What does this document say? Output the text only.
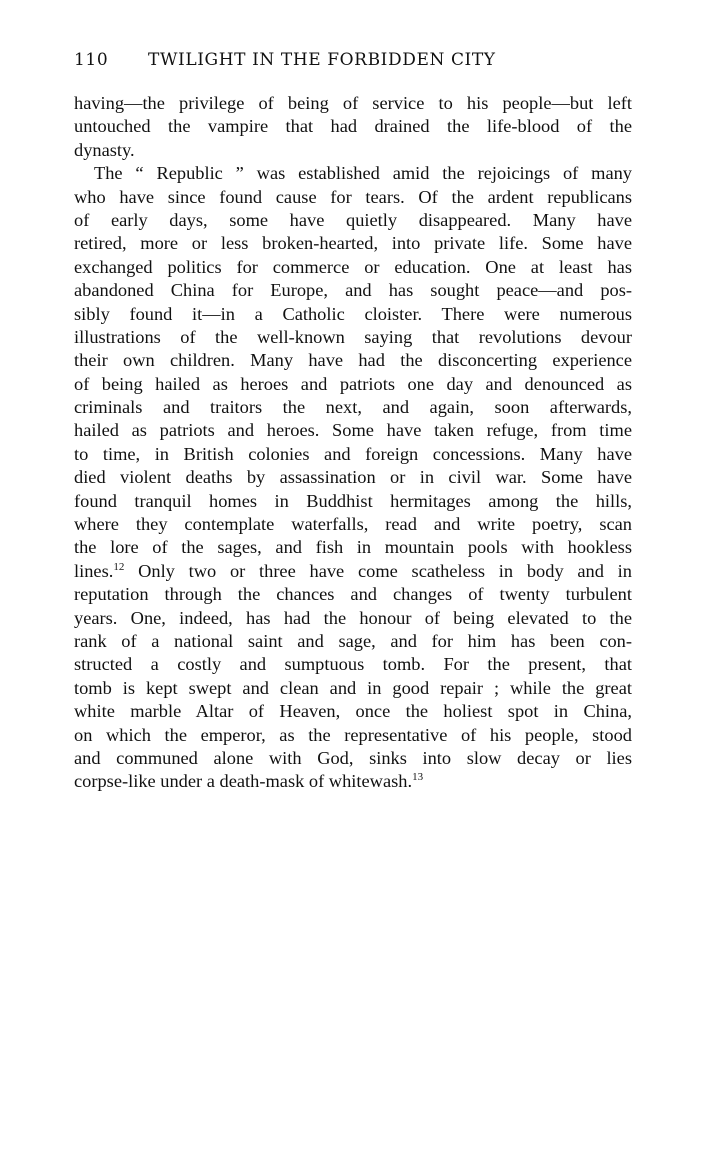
110 TWILIGHT IN THE FORBIDDEN CITY
having—the privilege of being of service to his people—but left
untouched the vampire that had drained the life-blood of the
dynasty.
The “ Republic ” was established amid the rejoicings of many
who have since found cause for tears. Of the ardent republicans
of early days, some have quietly disappeared. Many have
retired, more or less broken-hearted, into private life. Some have
exchanged politics for commerce or education. One at least has
abandoned China for Europe, and has sought peace—and pos-
sibly found it—in a Catholic cloister. There were numerous
illustrations of the well-known saying that revolutions devour
their own children. Many have had the disconcerting experience
of being hailed as heroes and patriots one day and denounced as
criminals and traitors the next, and again, soon afterwards,
hailed as patriots and heroes. Some have taken refuge, from time
to time, in British colonies and foreign concessions. Many have
died violent deaths by assassination or in civil war. Some have
found tranquil homes in Buddhist hermitages among the hills,
where they contemplate waterfalls, read and write poetry, scan
the lore of the sages, and fish in mountain pools with hookless
lines.$^{12}$ Only two or three have come scatheless in body and in
reputation through the chances and changes of twenty turbulent
years. One, indeed, has had the honour of being elevated to the
rank of a national saint and sage, and for him has been con-
structed a costly and sumptuous tomb. For the present, that
tomb is kept swept and clean and in good repair ; while the great
white marble Altar of Heaven, once the holiest spot in China,
on which the emperor, as the representative of his people, stood
and communed alone with God, sinks into slow decay or lies
corpse-like under a death-mask of whitewash.$^{13}$
